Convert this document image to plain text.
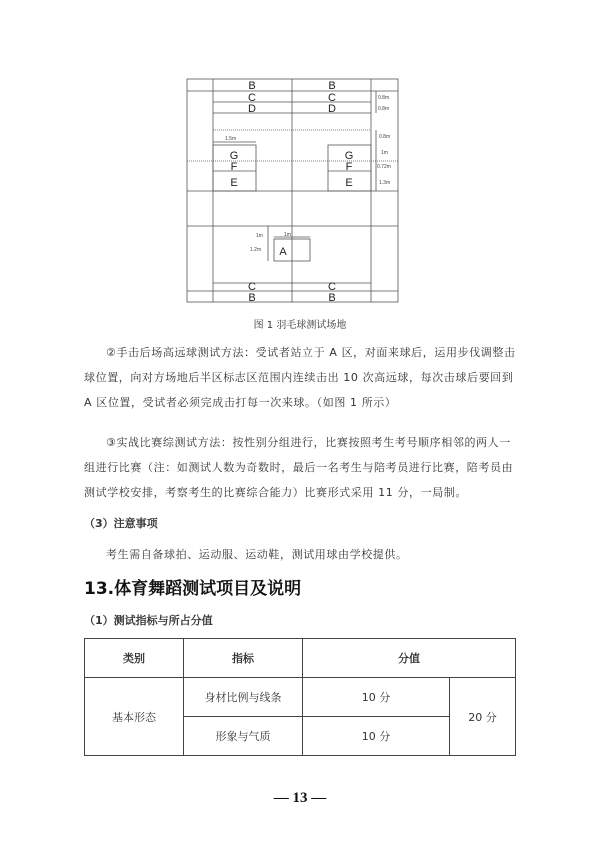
B	B
C	C
D	D
G	G
F	F
E	E
A
C	C
B	B
0.8m
0.8m
0.8m
1m
0.72m
1.3m
1.5m
1m	1m
1.2m
图 1 羽毛球测试场地
②手击后场高远球测试方法：受试者站立于 A 区，对面来球后，运用步伐调整击球位置，向对方场地后半区标志区范围内连续击出 10 次高远球，每次击球后要回到 A 区位置，受试者必须完成击打每一次来球。（如图 1 所示）
③实战比赛综测试方法：按性别分组进行，比赛按照考生考号顺序相邻的两人一组进行比赛（注：如测试人数为奇数时，最后一名考生与陪考员进行比赛，陪考员由测试学校安排，考察考生的比赛综合能力）比赛形式采用 11 分，一局制。
（3）注意事项
考生需自备球拍、运动服、运动鞋，测试用球由学校提供。
13.体育舞蹈测试项目及说明
（1）测试指标与所占分值
类别	指标	分值	
基本形态	身材比例与线条	10 分	20 分
	形象与气质	10 分	
— 13 —
